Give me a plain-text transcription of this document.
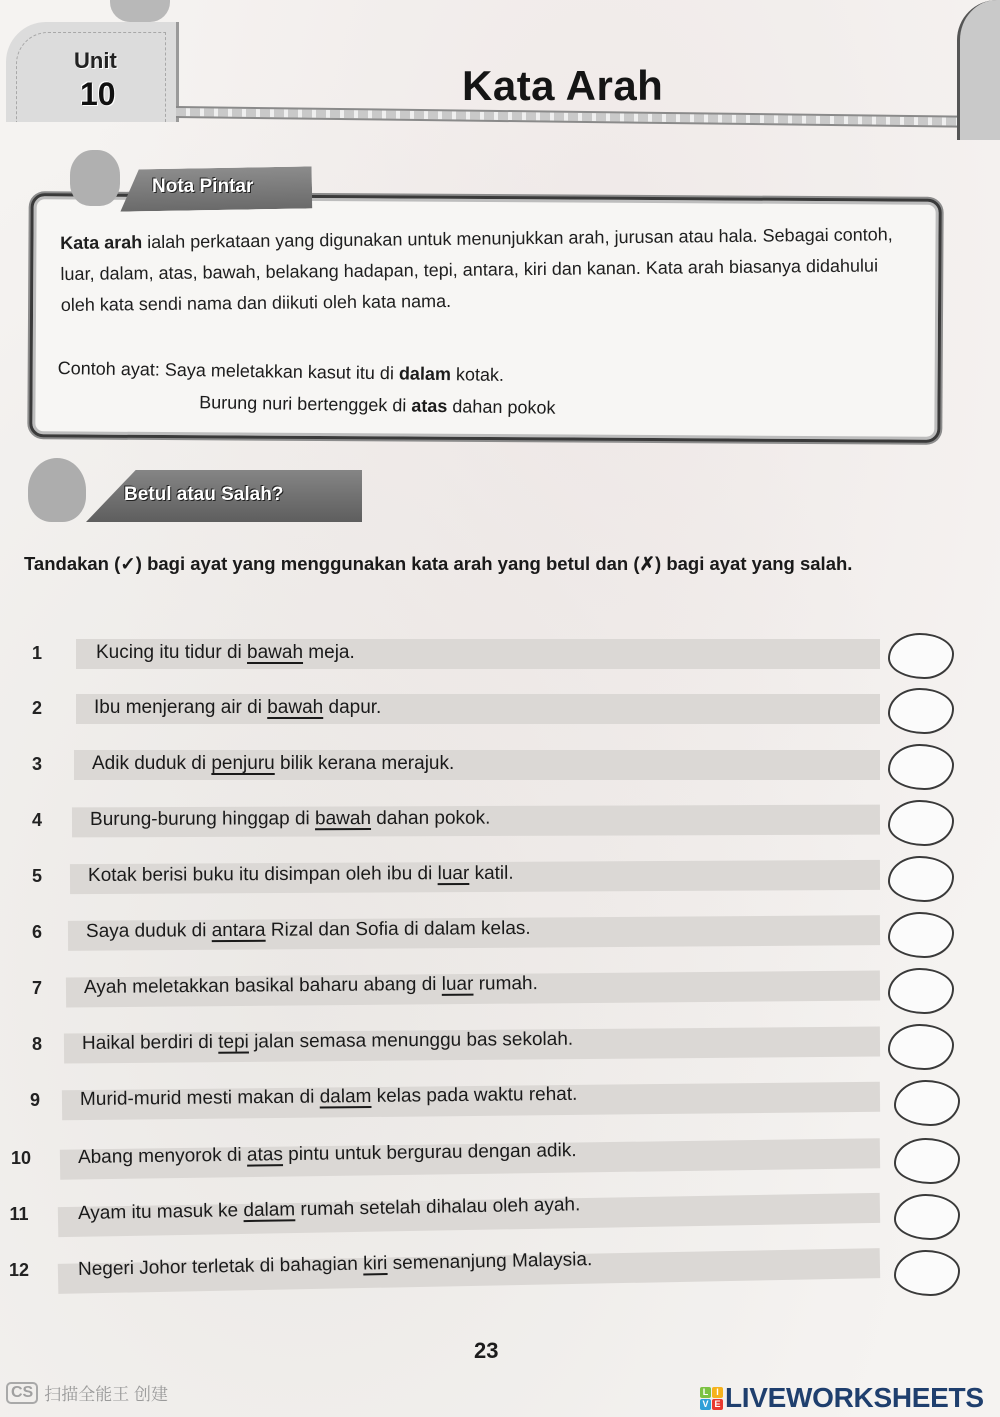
Unit
10	Kata Arah
Nota Pintar
Kata arah ialah perkataan yang digunakan untuk menunjukkan arah, jurusan atau hala. Sebagai contoh, luar, dalam, atas, bawah, belakang hadapan, tepi, antara, kiri dan kanan. Kata arah biasanya didahului oleh kata sendi nama dan diikuti oleh kata nama.
Contoh ayat: Saya meletakkan kasut itu di dalam kotak.
Burung nuri bertenggek di atas dahan pokok
Betul atau Salah?
Tandakan (✓) bagi ayat yang menggunakan kata arah yang betul dan (✗) bagi ayat yang salah.
1	Kucing itu tidur di bawah meja.
2	Ibu menjerang air di bawah dapur.
3	Adik duduk di penjuru bilik kerana merajuk.
4	Burung-burung hinggap di bawah dahan pokok.
5	Kotak berisi buku itu disimpan oleh ibu di luar katil.
6	Saya duduk di antara Rizal dan Sofia di dalam kelas.
7	Ayah meletakkan basikal baharu abang di luar rumah.
8	Haikal berdiri di tepi jalan semasa menunggu bas sekolah.
9	Murid-murid mesti makan di dalam kelas pada waktu rehat.
10 Abang menyorok di atas pintu untuk bergurau dengan adik.
11	Ayam itu masuk ke dalam rumah setelah dihalau oleh ayah.
12	Negeri Johor terletak di bahagian kiri semenanjung Malaysia.
23
CS 扫描全能王 创建	L I
V E LIVEWORKSHEETS
